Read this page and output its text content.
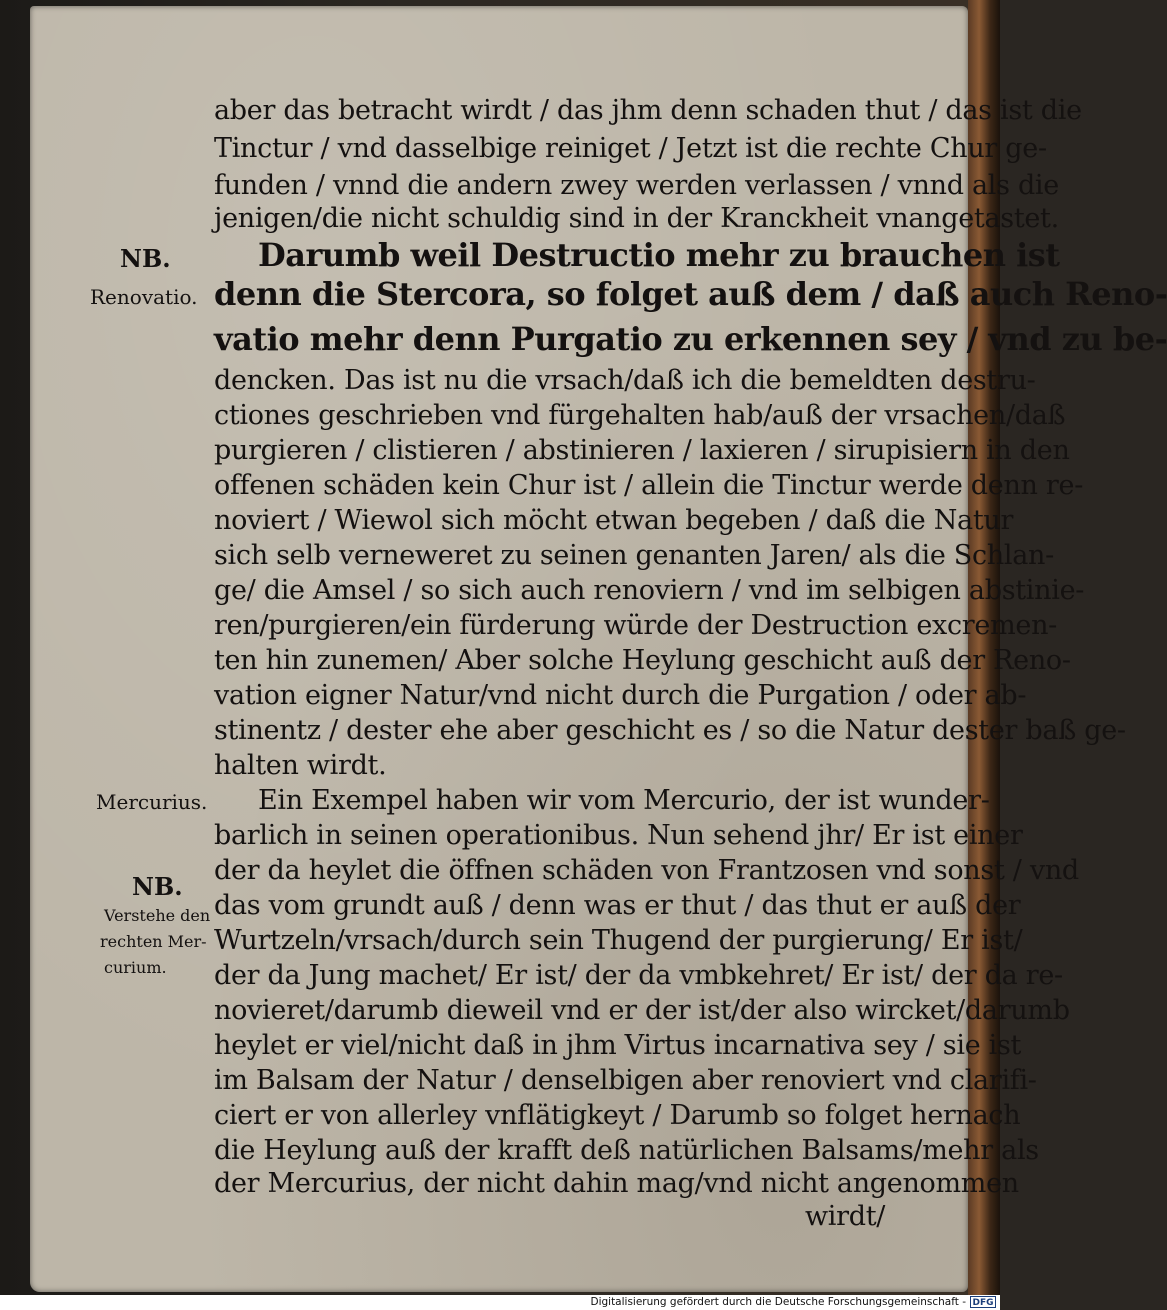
aber das betracht wirdt / das jhm denn schaden thut / das ist die

Tinctur / vnd dasselbige reiniget / Jetzt ist die rechte Chur ge-

funden / vnnd die andern zwey werden verlassen / vnnd als die

jenigen/die nicht schuldig sind in der Kranckheit vnangetastet.

Darumb weil Destructio mehr zu brauchen ist

denn die Stercora, so folget auß dem / daß auch Reno-

vatio mehr denn Purgatio zu erkennen sey / vnd zu be-

dencken. Das ist nu die vrsach/daß ich die bemeldten destru-

ctiones geschrieben vnd fürgehalten hab/auß der vrsachen/daß

purgieren / clistieren / abstinieren / laxieren / sirupisiern in den

offenen schäden kein Chur ist / allein die Tinctur werde denn re-

noviert / Wiewol sich möcht etwan begeben / daß die Natur

sich selb verneweret zu seinen genanten Jaren/ als die Schlan-

ge/ die Amsel / so sich auch renoviern / vnd im selbigen abstinie-

ren/purgieren/ein fürderung würde der Destruction excremen-

ten hin zunemen/ Aber solche Heylung geschicht auß der Reno-

vation eigner Natur/vnd nicht durch die Purgation / oder ab-

stinentz / dester ehe aber geschicht es / so die Natur dester baß ge-

halten wirdt.

Ein Exempel haben wir vom Mercurio, der ist wunder-

barlich in seinen operationibus. Nun sehend jhr/ Er ist einer

der da heylet die öffnen schäden von Frantzosen vnd sonst / vnd

das vom grundt auß / denn was er thut / das thut er auß der

Wurtzeln/vrsach/durch sein Thugend der purgierung/ Er ist/

der da Jung machet/ Er ist/ der da vmbkehret/ Er ist/ der da re-

novieret/darumb dieweil vnd er der ist/der also wircket/darumb

heylet er viel/nicht daß in jhm Virtus incarnativa sey / sie ist

im Balsam der Natur / denselbigen aber renoviert vnd clarifi-

ciert er von allerley vnflätigkeyt / Darumb so folget hernach

die Heylung auß der krafft deß natürlichen Balsams/mehr als

der Mercurius, der nicht dahin mag/vnd nicht angenommen

wirdt/

NB.

Renovatio.

Mercurius.

NB.

Verstehe den

rechten Mer-

curium.

Digitalisierung gefördert durch die Deutsche Forschungsgemeinschaft - DFG
